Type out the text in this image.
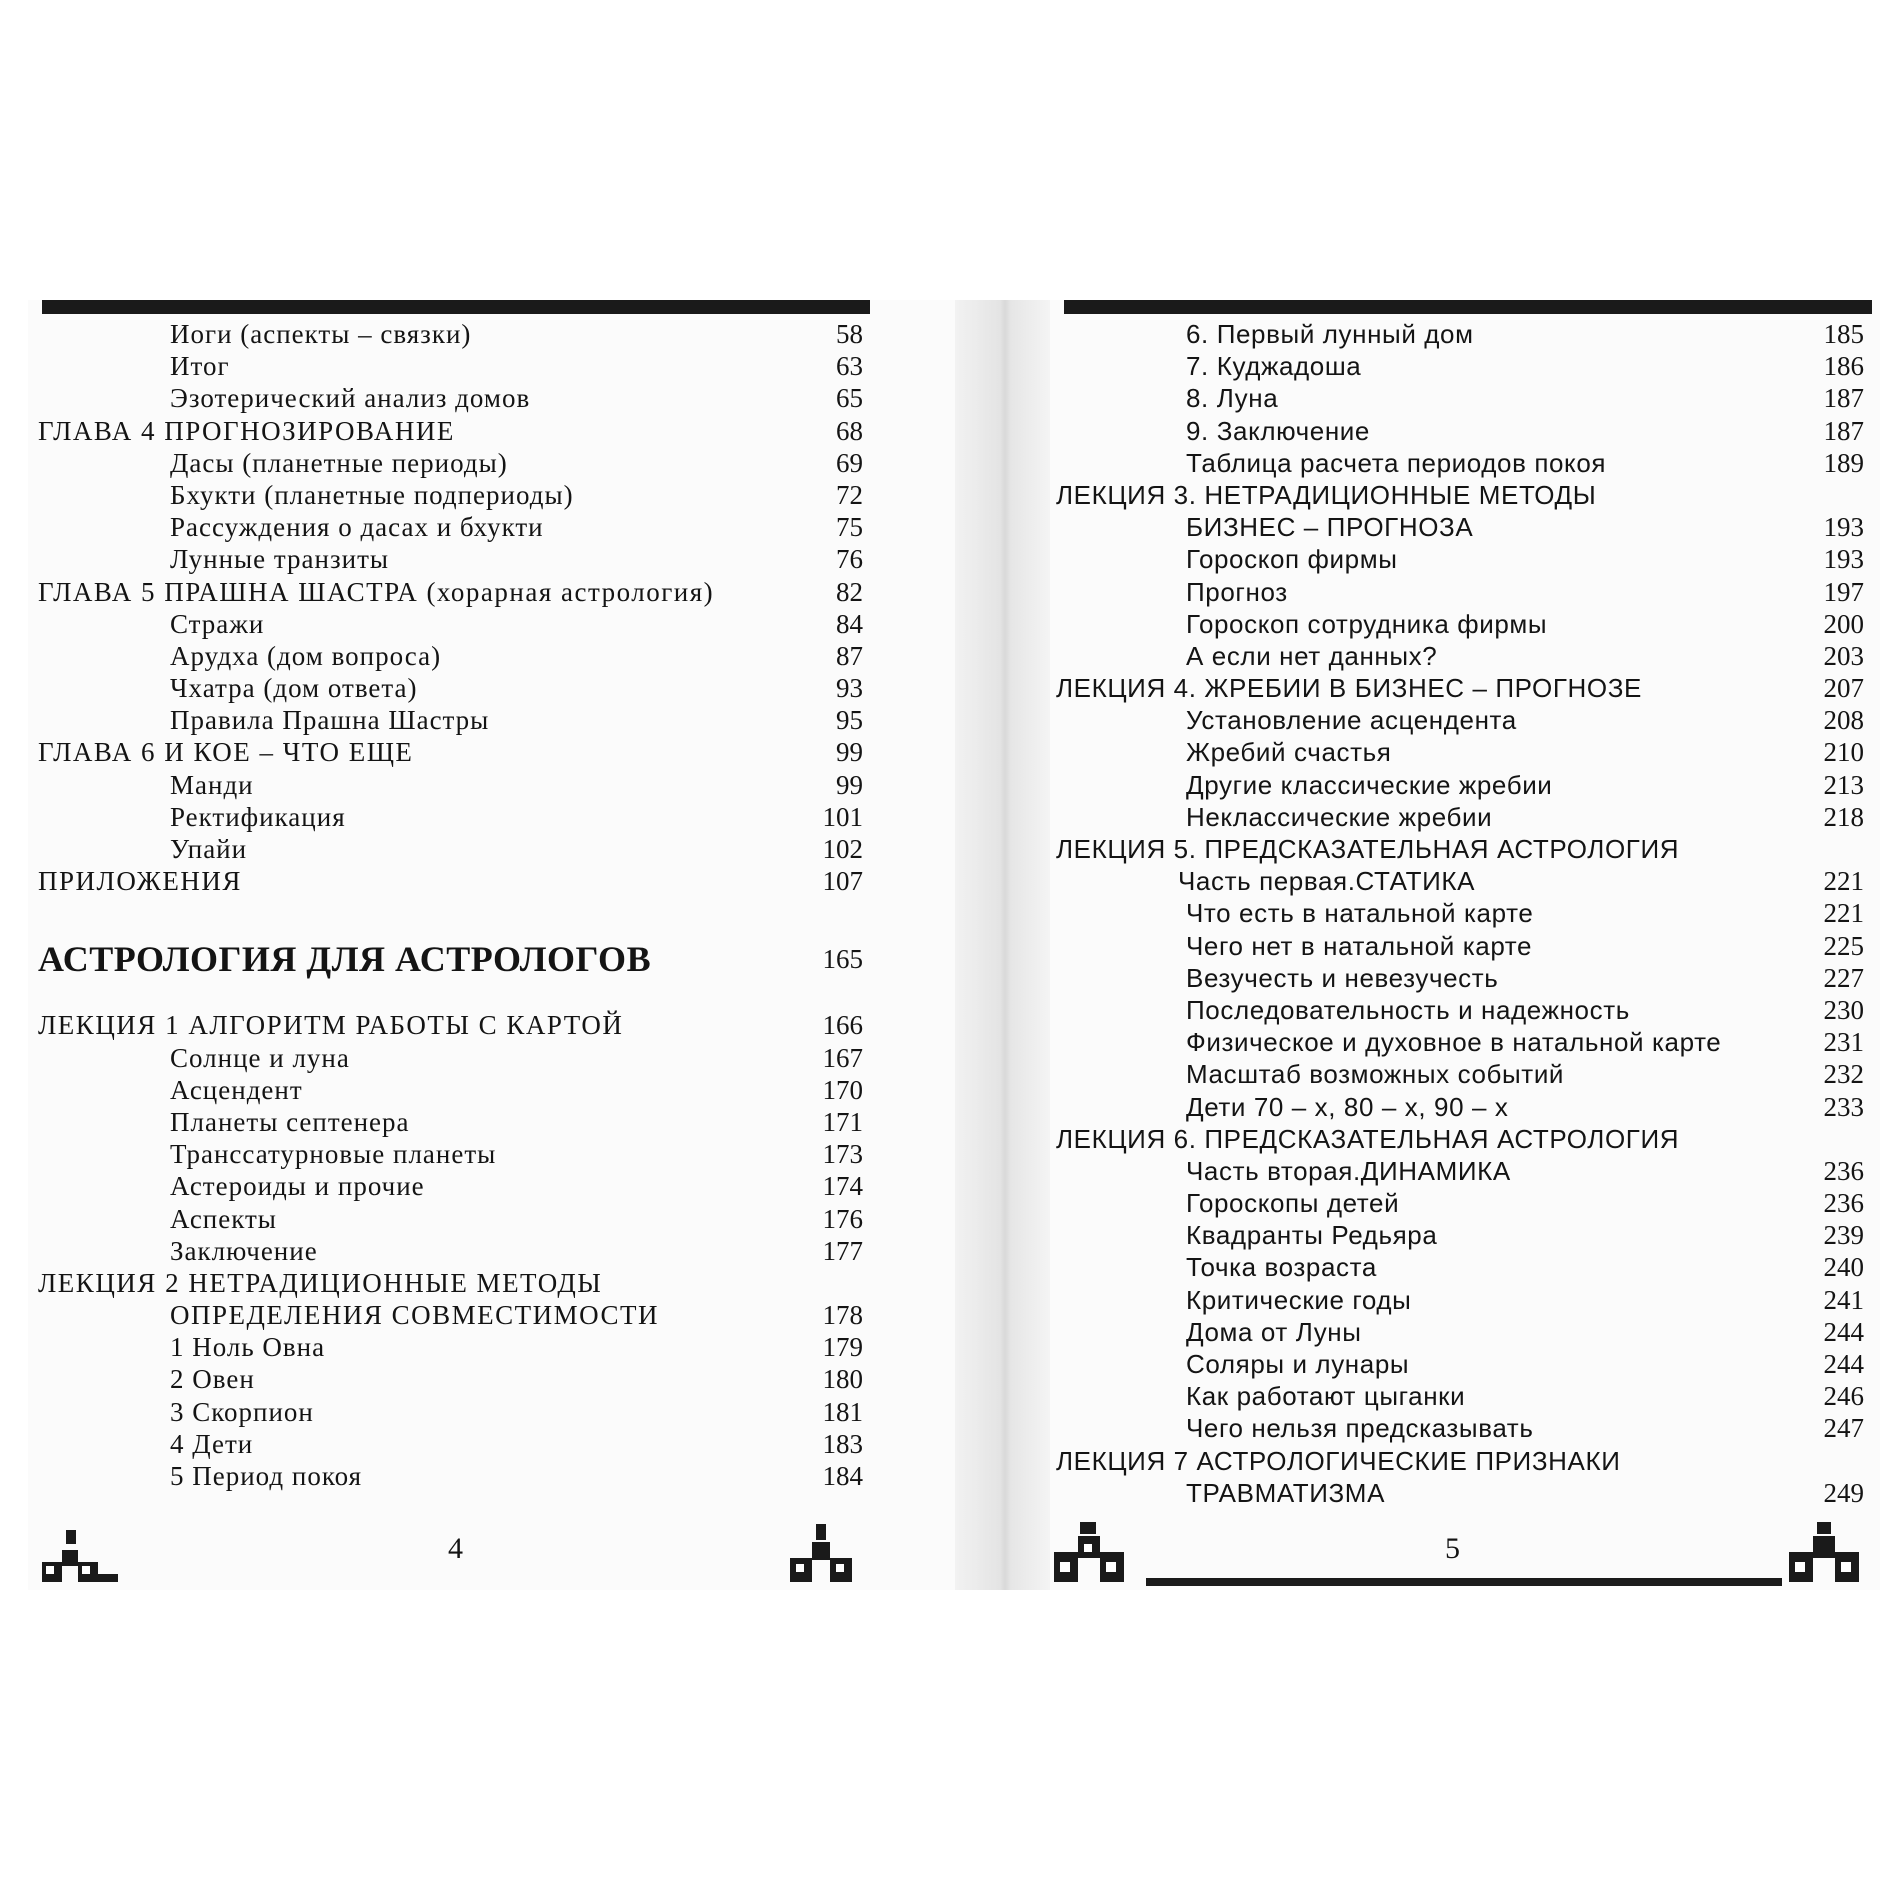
Иоги (аспекты – связки)	58
Итог	63
Эзотерический анализ домов	65
ГЛАВА 4 ПРОГНОЗИРОВАНИЕ	68
Дасы (планетные периоды)	69
Бхукти (планетные подпериоды)	72
Рассуждения о дасах и бхукти	75
Лунные транзиты	76
ГЛАВА 5 ПРАШНА ШАСТРА (хорарная астрология)	82
Стражи	84
Арудха (дом вопроса)	87
Чхатра (дом ответа)	93
Правила Прашна Шастры	95
ГЛАВА 6 И КОЕ – ЧТО ЕЩЕ	99
Манди	99
Ректификация	101
Упайи	102
ПРИЛОЖЕНИЯ	107
АСТРОЛОГИЯ ДЛЯ АСТРОЛОГОВ	165
ЛЕКЦИЯ 1 АЛГОРИТМ РАБОТЫ С КАРТОЙ	166
Солнце и луна	167
Асцендент	170
Планеты септенера	171
Транссатурновые планеты	173
Астероиды и прочие	174
Аспекты	176
Заключение	177
ЛЕКЦИЯ 2 НЕТРАДИЦИОННЫЕ МЕТОДЫ
ОПРЕДЕЛЕНИЯ СОВМЕСТИМОСТИ	178
1 Ноль Овна	179
2 Овен	180
3 Скорпион	181
4 Дети	183
5 Период покоя	184
4
6. Первый лунный дом	185
7. Куджадоша	186
8. Луна	187
9. Заключение	187
Таблица расчета периодов покоя	189
ЛЕКЦИЯ 3. НЕТРАДИЦИОННЫЕ МЕТОДЫ
БИЗНЕС – ПРОГНОЗА	193
Гороскоп фирмы	193
Прогноз	197
Гороскоп сотрудника фирмы	200
А если нет данных?	203
ЛЕКЦИЯ 4. ЖРЕБИИ В БИЗНЕС – ПРОГНОЗЕ	207
Установление асцендента	208
Жребий счастья	210
Другие классические жребии	213
Неклассические жребии	218
ЛЕКЦИЯ 5. ПРЕДСКАЗАТЕЛЬНАЯ АСТРОЛОГИЯ
Часть первая.СТАТИКА	221
Что есть в натальной карте	221
Чего нет в натальной карте	225
Везучесть и невезучесть	227
Последовательность и надежность	230
Физическое и духовное в натальной карте	231
Масштаб возможных событий	232
Дети 70 – х, 80 – х, 90 – х	233
ЛЕКЦИЯ 6. ПРЕДСКАЗАТЕЛЬНАЯ АСТРОЛОГИЯ
Часть вторая.ДИНАМИКА	236
Гороскопы детей	236
Квадранты Редьяра	239
Точка возраста	240
Критические годы	241
Дома от Луны	244
Соляры и лунары	244
Как работают цыганки	246
Чего нельзя предсказывать	247
ЛЕКЦИЯ 7 АСТРОЛОГИЧЕСКИЕ ПРИЗНАКИ
ТРАВМАТИЗМА	249
5
